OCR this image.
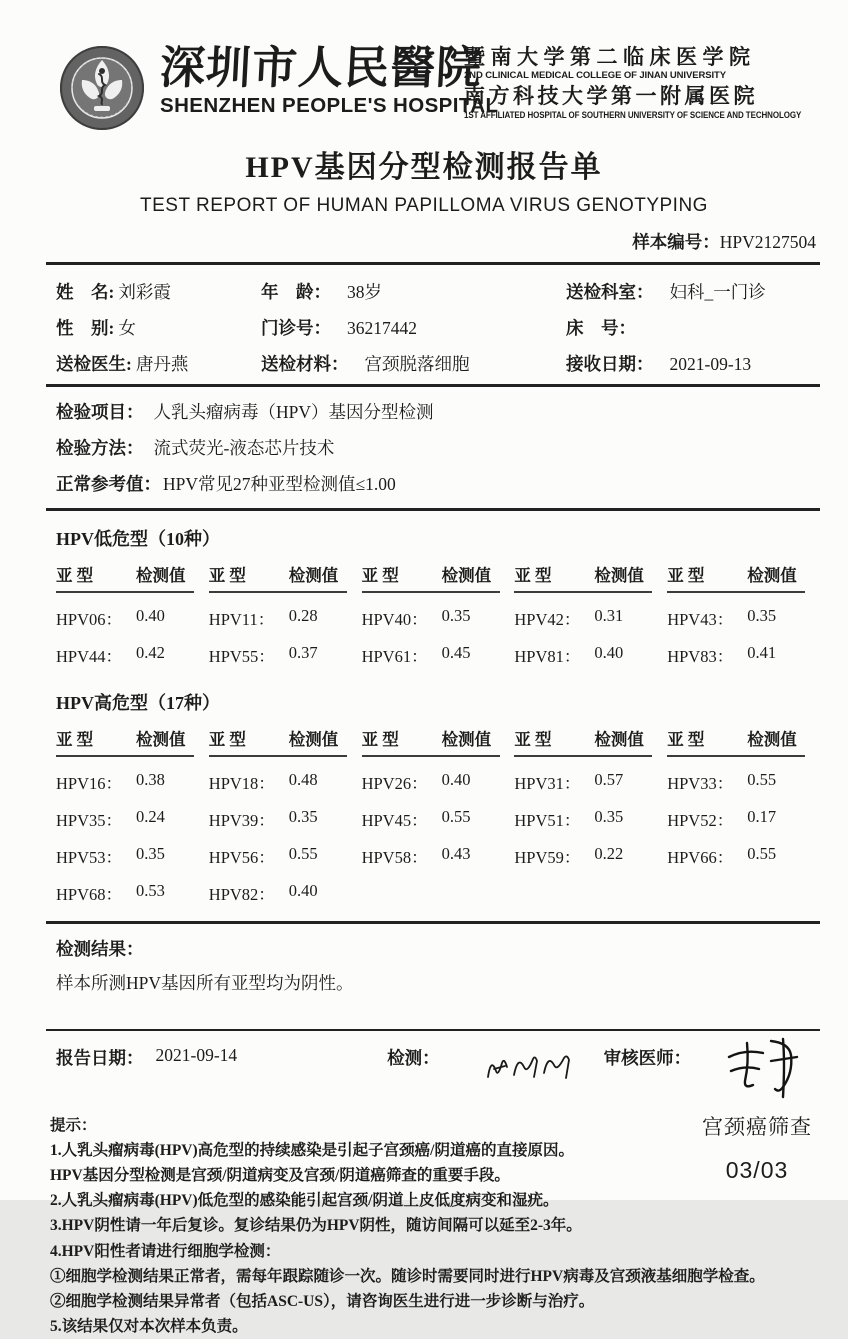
深圳市人民醫院
SHENZHEN PEOPLE'S HOSPITAL
暨南大学第二临床医学院
2ND CLINICAL MEDICAL COLLEGE OF JINAN UNIVERSITY
南方科技大学第一附属医院
1ST AFFILIATED HOSPITAL OF SOUTHERN UNIVERSITY OF SCIENCE AND TECHNOLOGY
HPV基因分型检测报告单
TEST REPORT OF HUMAN PAPILLOMA VIRUS GENOTYPING
样本编号：HPV2127504
姓　名: 刘彩霞	年　龄： 38岁	送检科室： 妇科_一门诊
性　别: 女	门诊号： 36217442	床　号：
送检医生: 唐丹燕	送检材料： 宫颈脱落细胞	接收日期： 2021-09-13
检验项目： 人乳头瘤病毒（HPV）基因分型检测
检验方法： 流式荧光-液态芯片技术
正常参考值： HPV常见27种亚型检测值≤1.00
HPV低危型（10种）
亚 型	检测值	亚 型	检测值	亚 型	检测值	亚 型	检测值	亚 型	检测值
HPV06： 0.40	HPV11： 0.28	HPV40： 0.35	HPV42： 0.31	HPV43： 0.35
HPV44： 0.42	HPV55： 0.37	HPV61： 0.45	HPV81： 0.40	HPV83： 0.41
HPV高危型（17种）
亚 型	检测值	亚 型	检测值	亚 型	检测值	亚 型	检测值	亚 型	检测值
HPV16： 0.38	HPV18： 0.48	HPV26： 0.40	HPV31： 0.57	HPV33： 0.55
HPV35： 0.24	HPV39： 0.35	HPV45： 0.55	HPV51： 0.35	HPV52： 0.17
HPV53： 0.35	HPV56： 0.55	HPV58： 0.43	HPV59： 0.22	HPV66： 0.55
HPV68： 0.53	HPV82： 0.40
检测结果：
样本所测HPV基因所有亚型均为阴性。
报告日期： 2021-09-14	检测：	审核医师：
提示：
1.人乳头瘤病毒(HPV)高危型的持续感染是引起子宫颈癌/阴道癌的直接原因。
HPV基因分型检测是宫颈/阴道病变及宫颈/阴道癌筛查的重要手段。
2.人乳头瘤病毒(HPV)低危型的感染能引起宫颈/阴道上皮低度病变和湿疣。
3.HPV阴性请一年后复诊。复诊结果仍为HPV阴性，随访间隔可以延至2-3年。
4.HPV阳性者请进行细胞学检测：
①细胞学检测结果正常者，需每年跟踪随诊一次。随诊时需要同时进行HPV病毒及宫颈液基细胞学检查。
②细胞学检测结果异常者（包括ASC-US），请咨询医生进行进一步诊断与治疗。
5.该结果仅对本次样本负责。
宫颈癌筛查
03/03
